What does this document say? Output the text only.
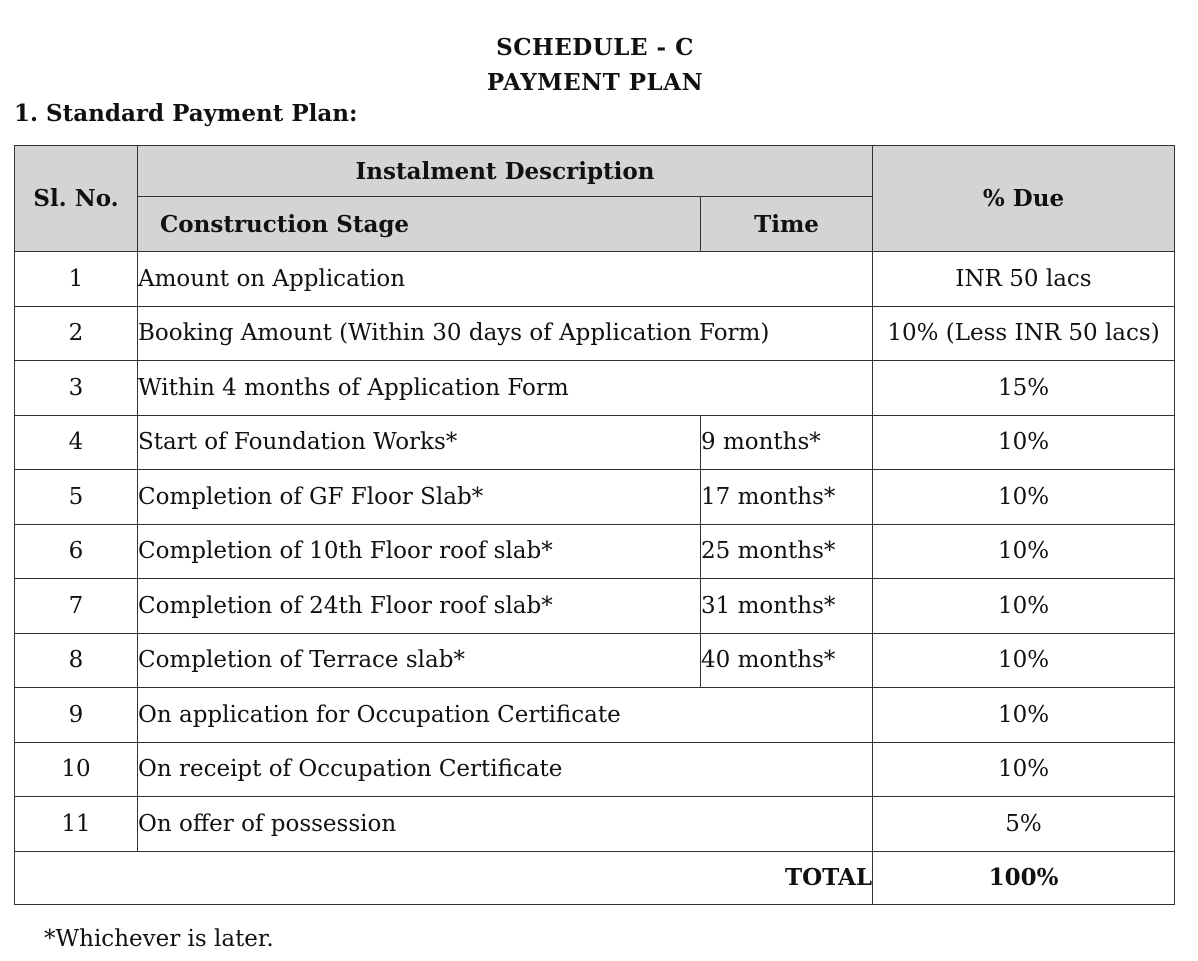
SCHEDULE - C
PAYMENT PLAN
1. Standard Payment Plan:
Sl. No.	Instalment Description		% Due
	Construction Stage	Time	
1	Amount on Application		INR 50 lacs
2	Booking Amount (Within 30 days of Application Form)		10% (Less INR 50 lacs)
3	Within 4 months of Application Form		15%
4	Start of Foundation Works*	9 months*	10%
5	Completion of GF Floor Slab*	17 months*	10%
6	Completion of 10th Floor roof slab*	25 months*	10%
7	Completion of 24th Floor roof slab*	31 months*	10%
8	Completion of Terrace slab*	40 months*	10%
9	On application for Occupation Certificate		10%
10	On receipt of Occupation Certificate		10%
11	On offer of possession		5%
TOTAL			100%
*Whichever is later.
